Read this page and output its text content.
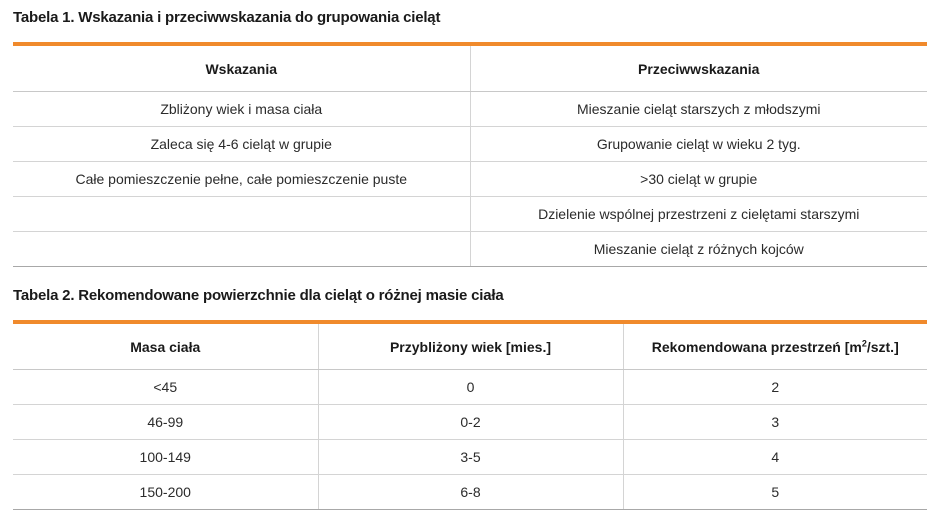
Tabela 1. Wskazania i przeciwwskazania do grupowania cieląt
Wskazania	Przeciwwskazania
Zbliżony wiek i masa ciała	Mieszanie cieląt starszych z młodszymi
Zaleca się 4-6 cieląt w grupie	Grupowanie cieląt w wieku 2 tyg.
Całe pomieszczenie pełne, całe pomieszczenie puste	>30 cieląt w grupie
	Dzielenie wspólnej przestrzeni z cielętami starszymi
	Mieszanie cieląt z różnych kojców
Tabela 2. Rekomendowane powierzchnie dla cieląt o różnej masie ciała
Masa ciała	Przybliżony wiek [mies.]	Rekomendowana przestrzeń $[m^2/szt.]$
<45	0	2
46-99	0-2	3
100-149	3-5	4
150-200	6-8	5
